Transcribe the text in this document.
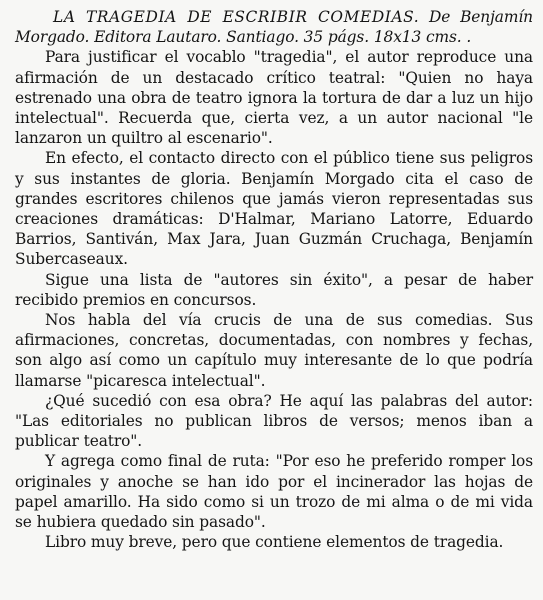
LA TRAGEDIA DE ESCRIBIR COMEDIAS. De Benjamín Morgado. Editora Lautaro. Santiago. 35 págs. 18x13 cms. .

Para justificar el vocablo "tragedia", el autor reproduce una afirmación de un destacado crítico teatral: "Quien no haya estrenado una obra de teatro ignora la tortura de dar a luz un hijo intelectual". Recuerda que, cierta vez, a un autor nacional "le lanzaron un quiltro al escenario".

En efecto, el contacto directo con el público tiene sus peligros y sus instantes de gloria. Benjamín Morgado cita el caso de grandes escritores chilenos que jamás vieron representadas sus creaciones dramáticas: D'Halmar, Mariano Latorre, Eduardo Barrios, Santiván, Max Jara, Juan Guzmán Cruchaga, Benjamín Subercaseaux.

Sigue una lista de "autores sin éxito", a pesar de haber recibido premios en concursos.

Nos habla del vía crucis de una de sus comedias. Sus afirmaciones, concretas, documentadas, con nombres y fechas, son algo así como un capítulo muy interesante de lo que podría llamarse "picaresca intelectual".

¿Qué sucedió con esa obra? He aquí las palabras del autor: "Las editoriales no publican libros de versos; menos iban a publicar teatro".

Y agrega como final de ruta: "Por eso he preferido romper los originales y anoche se han ido por el incinerador las hojas de papel amarillo. Ha sido como si un trozo de mi alma o de mi vida se hubiera quedado sin pasado".

Libro muy breve, pero que contiene elementos de tragedia.
